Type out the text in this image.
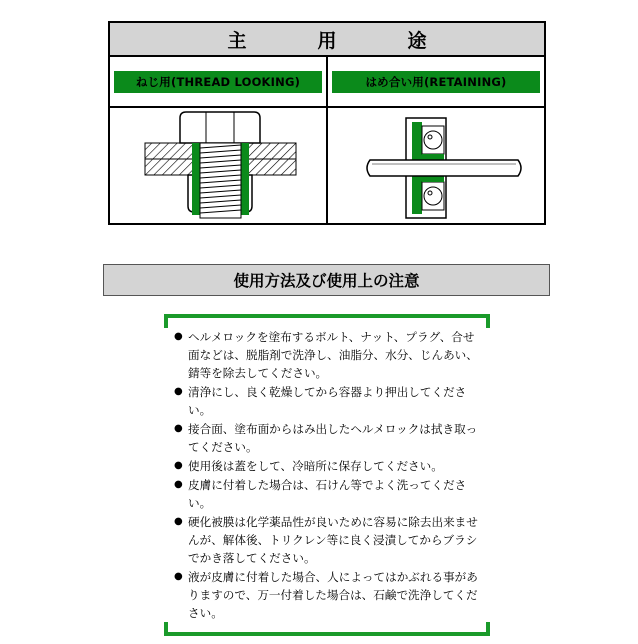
主　用　途
ねじ用(THREAD LOOKING)	はめ合い用(RETAINING)
使用方法及び使用上の注意
● ヘルメロックを塗布するボルト、ナット、プラグ、合せ面などは、脱脂剤で洗浄し、油脂分、水分、じんあい、錆等を除去してください。
● 清浄にし、良く乾燥してから容器より押出してください。
● 接合面、塗布面からはみ出したヘルメロックは拭き取ってください。
● 使用後は蓋をして、冷暗所に保存してください。
● 皮膚に付着した場合は、石けん等でよく洗ってください。
● 硬化被膜は化学薬品性が良いために容易に除去出来ませんが、解体後、トリクレン等に良く浸漬してからブラシでかき落してください。
● 液が皮膚に付着した場合、人によってはかぶれる事がありますので、万一付着した場合は、石鹸で洗浄してください。
